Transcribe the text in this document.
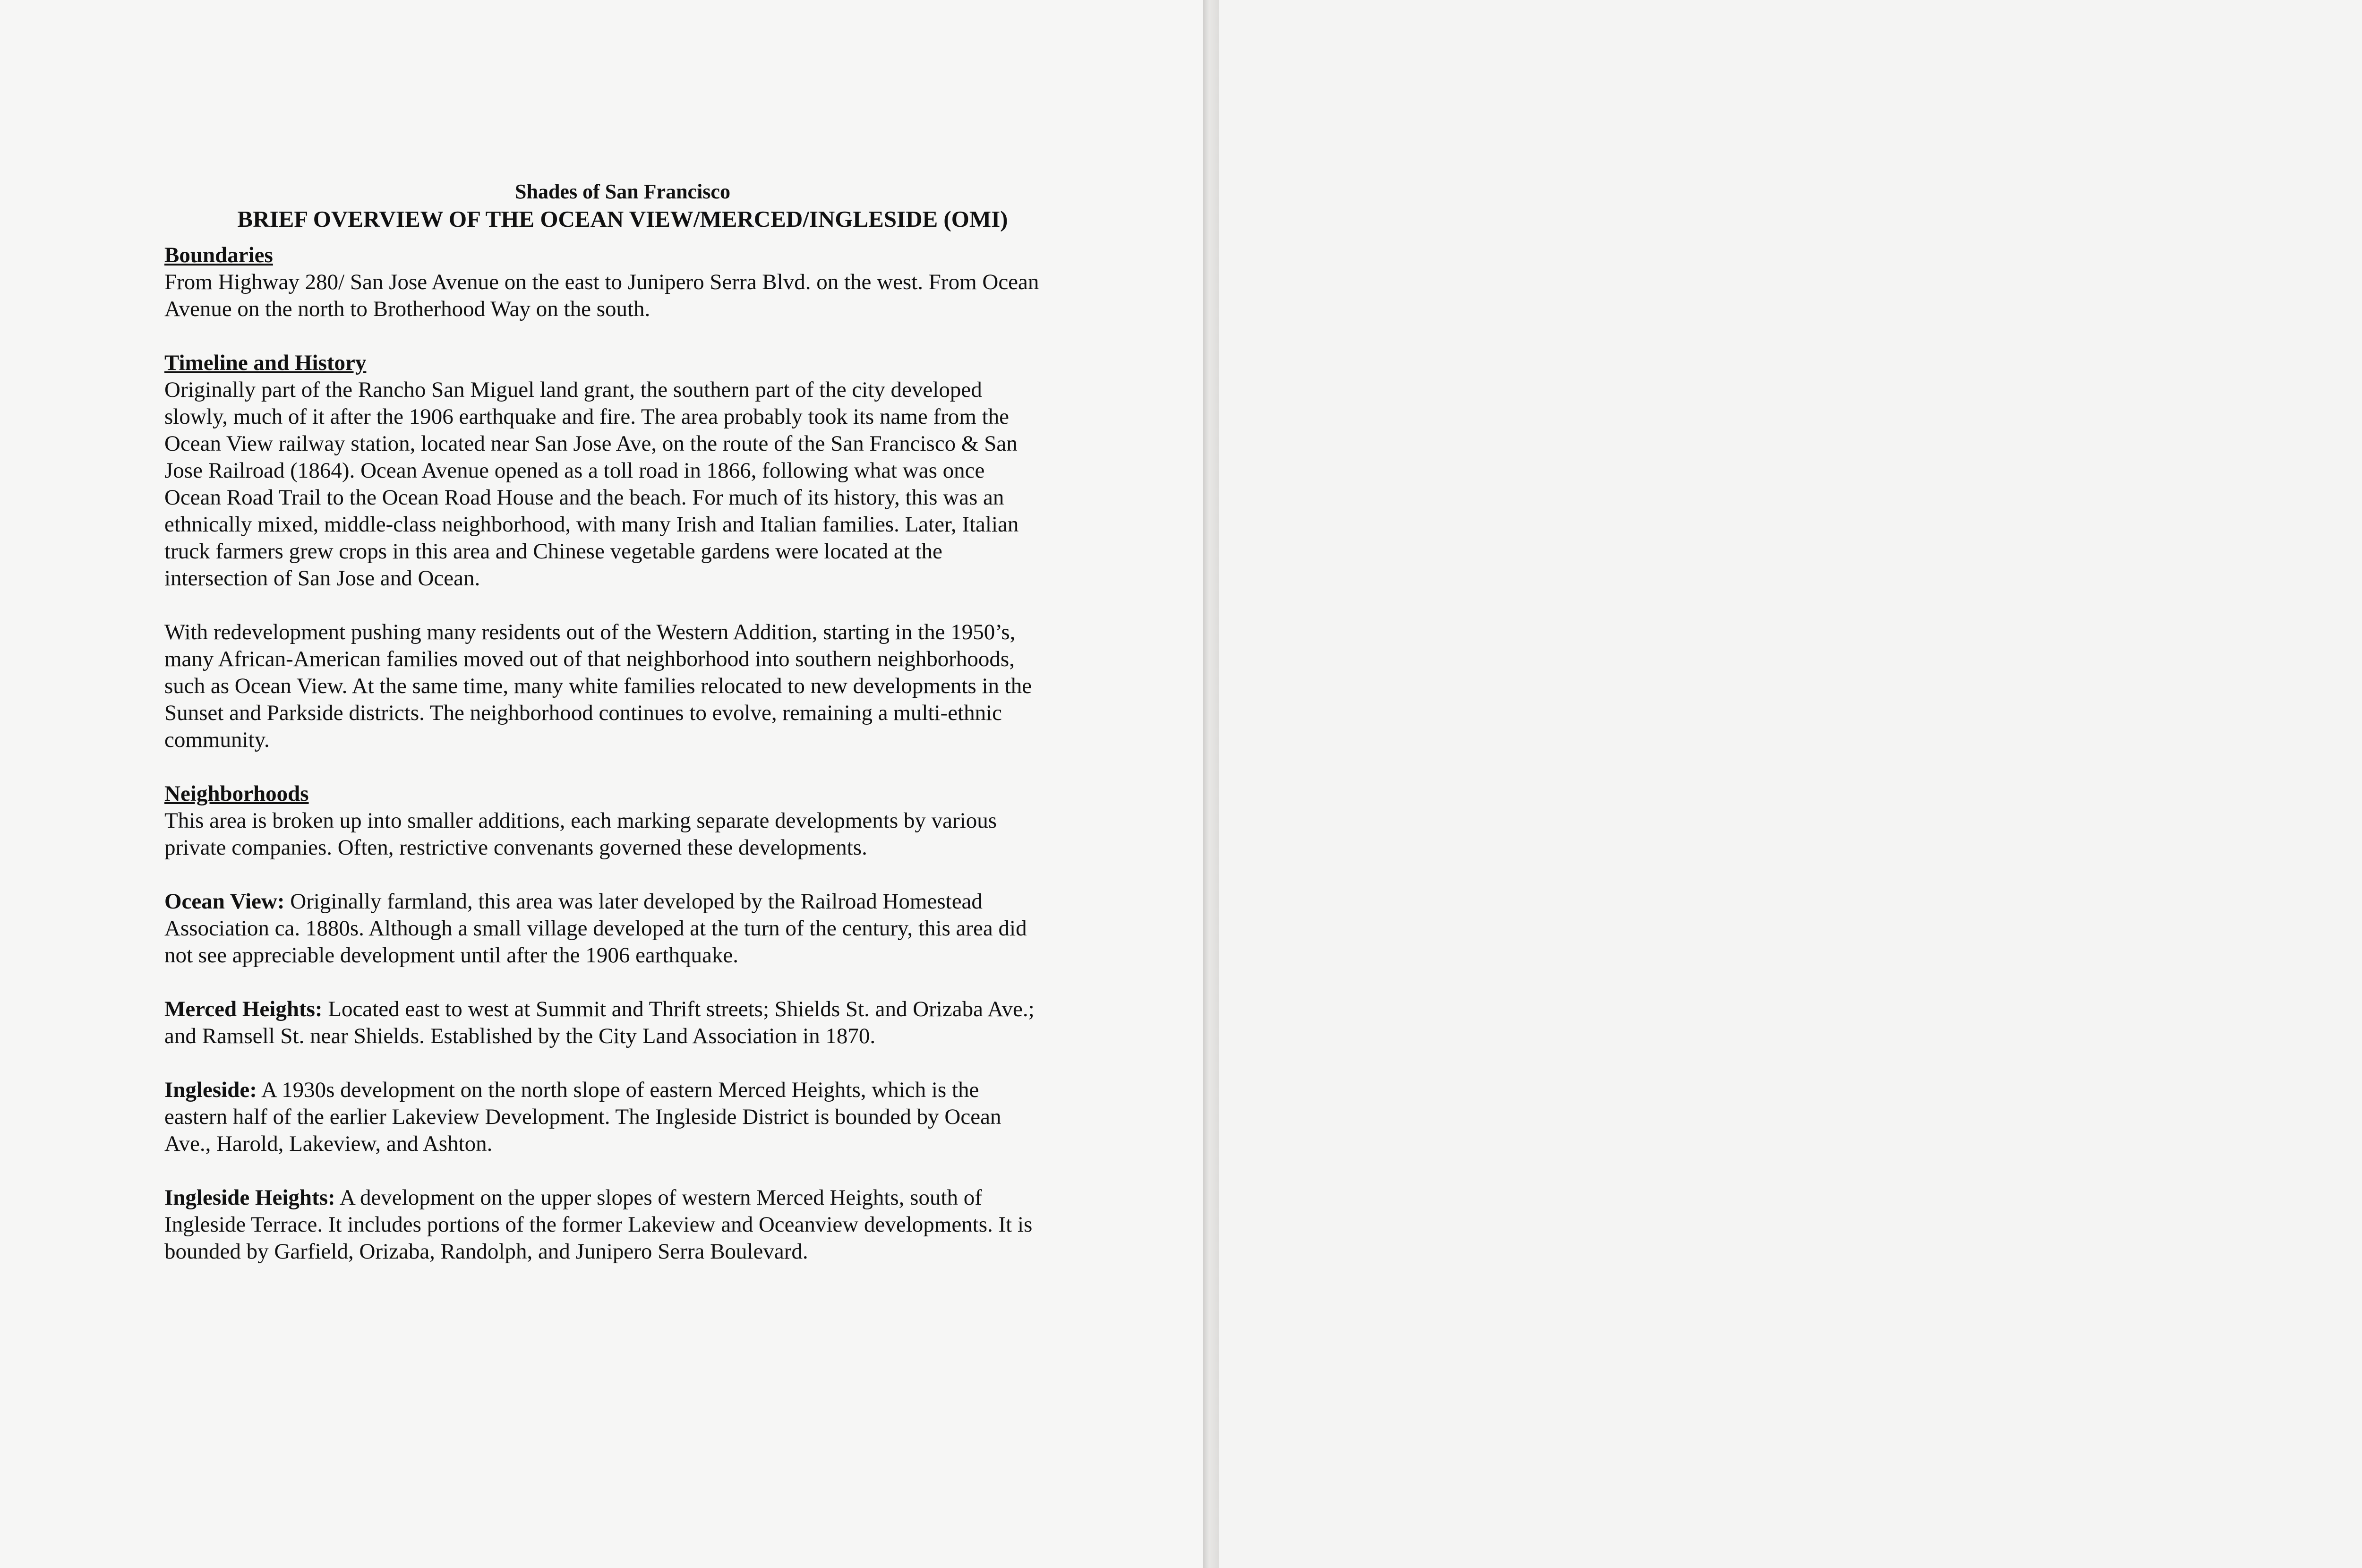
Shades of San Francisco
BRIEF OVERVIEW OF THE OCEAN VIEW/MERCED/INGLESIDE (OMI)
Boundaries

From Highway 280/ San Jose Avenue on the east to Junipero Serra Blvd. on the west. From Ocean Avenue on the north to Brotherhood Way on the south.

Timeline and History

Originally part of the Rancho San Miguel land grant, the southern part of the city developed slowly, much of it after the 1906 earthquake and fire. The area probably took its name from the Ocean View railway station, located near San Jose Ave, on the route of the San Francisco & San Jose Railroad (1864). Ocean Avenue opened as a toll road in 1866, following what was once Ocean Road Trail to the Ocean Road House and the beach. For much of its history, this was an ethnically mixed, middle-class neighborhood, with many Irish and Italian families. Later, Italian truck farmers grew crops in this area and Chinese vegetable gardens were located at the intersection of San Jose and Ocean.

With redevelopment pushing many residents out of the Western Addition, starting in the 1950’s, many African-American families moved out of that neighborhood into southern neighborhoods, such as Ocean View. At the same time, many white families relocated to new developments in the Sunset and Parkside districts. The neighborhood continues to evolve, remaining a multi-ethnic community.

Neighborhoods

This area is broken up into smaller additions, each marking separate developments by various private companies. Often, restrictive convenants governed these developments.

Ocean View: Originally farmland, this area was later developed by the Railroad Homestead Association ca. 1880s. Although a small village developed at the turn of the century, this area did not see appreciable development until after the 1906 earthquake.

Merced Heights: Located east to west at Summit and Thrift streets; Shields St. and Orizaba Ave.; and Ramsell St. near Shields. Established by the City Land Association in 1870.

Ingleside: A 1930s development on the north slope of eastern Merced Heights, which is the eastern half of the earlier Lakeview Development. The Ingleside District is bounded by Ocean Ave., Harold, Lakeview, and Ashton.

Ingleside Heights: A development on the upper slopes of western Merced Heights, south of Ingleside Terrace. It includes portions of the former Lakeview and Oceanview developments. It is bounded by Garfield, Orizaba, Randolph, and Junipero Serra Boulevard.
